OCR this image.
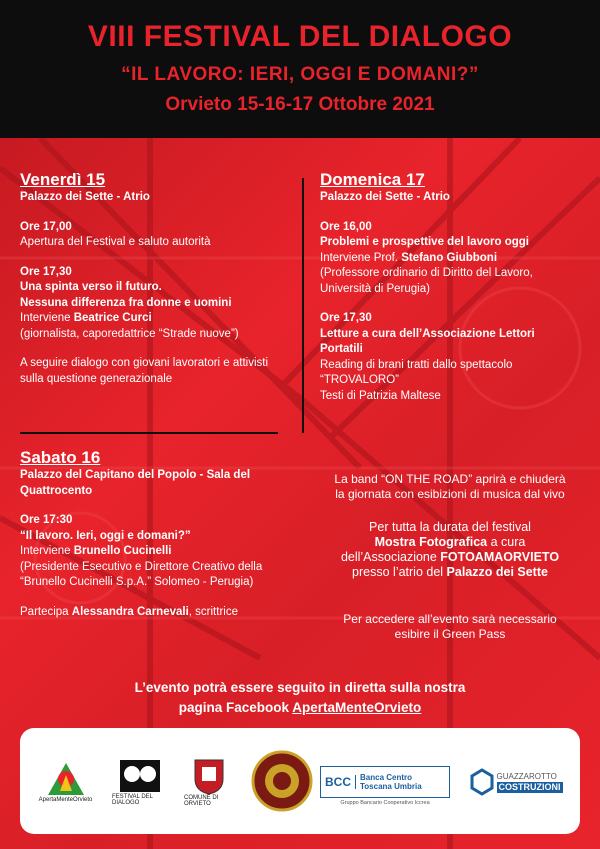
VIII FESTIVAL DEL DIALOGO
“IL LAVORO: IERI, OGGI E DOMANI?”
Orvieto 15-16-17 Ottobre 2021
Venerdì 15
Palazzo dei Sette - Atrio
Ore 17,00
Apertura del Festival e saluto autorità
Ore 17,30
Una spinta verso il futuro.
Nessuna differenza fra donne e uomini
Interviene Beatrice Curci
(giornalista, caporedattrice “Strade nuove”)
A seguire dialogo con giovani lavoratori e attivisti
sulla questione generazionale
Sabato 16
Palazzo del Capitano del Popolo - Sala del
Quattrocento
Ore 17:30
“Il lavoro. Ieri, oggi e domani?”
Interviene Brunello Cucinelli
(Presidente Esecutivo e Direttore Creativo della
“Brunello Cucinelli S.p.A.” Solomeo - Perugia)
Partecipa Alessandra Carnevali, scrittrice
Domenica 17
Palazzo dei Sette - Atrio
Ore 16,00
Problemi e prospettive del lavoro oggi
Interviene Prof. Stefano Giubboni
(Professore ordinario di Diritto del Lavoro,
Università di Perugia)
Ore 17,30
Letture a cura dell’Associazione Lettori
Portatili
Reading di brani tratti dallo spettacolo
“TROVALORO”
Testi di Patrizia Maltese
La band “ON THE ROAD” aprirà e chiuderà
la giornata con esibizioni di musica dal vivo
Per tutta la durata del festival
Mostra Fotografica a cura
dell’Associazione FOTOAMAORVIETO
presso l’atrio del Palazzo dei Sette
Per accedere all’evento sarà necessario
esibire il Green Pass
L’evento potrà essere seguito in diretta sulla nostra
pagina Facebook ApertaMenteOrvieto
ApertaMenteOrvieto	FESTIVAL DEL DIALOGO
COMUNE DI ORVIETO
BCC	Banca Centro
Toscana Umbria
Gruppo Bancario Cooperativo Iccrea
GUAZZAROTTO
COSTRUZIONI
